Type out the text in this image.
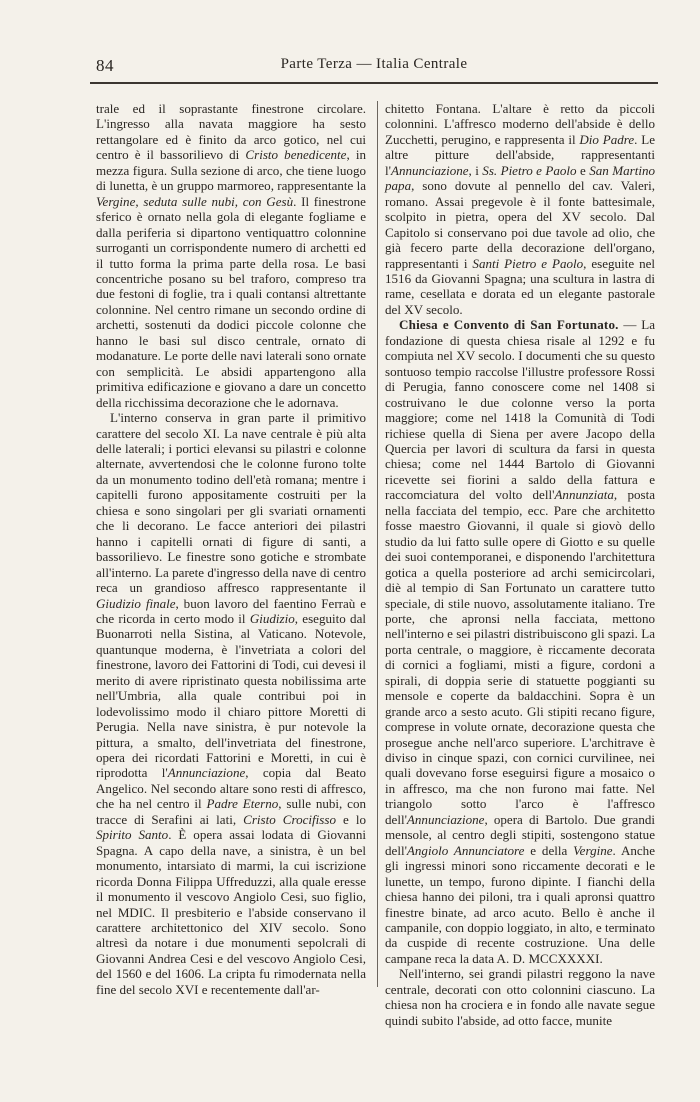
84	Parte Terza — Italia Centrale

trale ed il soprastante finestrone circolare. L'ingresso alla navata maggiore ha sesto rettangolare ed è finito da arco gotico, nel cui centro è il bassorilievo di Cristo benedicente, in mezza figura. Sulla sezione di arco, che tiene luogo di lunetta, è un gruppo marmoreo, rappresentante la Vergine, seduta sulle nubi, con Gesù. Il finestrone sferico è ornato nella gola di elegante fogliame e dalla periferia si dipartono ventiquattro colonnine surroganti un corrispondente numero di archetti ed il tutto forma la prima parte della rosa. Le basi concentriche posano su bel traforo, compreso tra due festoni di foglie, tra i quali contansi altrettante colonnine. Nel centro rimane un secondo ordine di archetti, sostenuti da dodici piccole colonne che hanno le basi sul disco centrale, ornato di modanature. Le porte delle navi laterali sono ornate con semplicità. Le absidi appartengono alla primitiva edificazione e giovano a dare un concetto della ricchissima decorazione che le adornava.

L'interno conserva in gran parte il primitivo carattere del secolo XI. La nave centrale è più alta delle laterali; i portici elevansi su pilastri e colonne alternate, avvertendosi che le colonne furono tolte da un monumento todino dell'età romana; mentre i capitelli furono appositamente costruiti per la chiesa e sono singolari per gli svariati ornamenti che li decorano. Le facce anteriori dei pilastri hanno i capitelli ornati di figure di santi, a bassorilievo. Le finestre sono gotiche e strombate all'interno. La parete d'ingresso della nave di centro reca un grandioso affresco rappresentante il Giudizio finale, buon lavoro del faentino Ferraù e che ricorda in certo modo il Giudizio, eseguito dal Buonarroti nella Sistina, al Vaticano. Notevole, quantunque moderna, è l'invetriata a colori del finestrone, lavoro dei Fattorini di Todi, cui devesi il merito di avere ripristinato questa nobilissima arte nell'Umbria, alla quale contribui poi in lodevolissimo modo il chiaro pittore Moretti di Perugia. Nella nave sinistra, è pur notevole la pittura, a smalto, dell'invetriata del finestrone, opera dei ricordati Fattorini e Moretti, in cui è riprodotta l'Annunciazione, copia dal Beato Angelico. Nel secondo altare sono resti di affresco, che ha nel centro il Padre Eterno, sulle nubi, con tracce di Serafini ai lati, Cristo Crocifisso e lo Spirito Santo. È opera assai lodata di Giovanni Spagna. A capo della nave, a sinistra, è un bel monumento, intarsiato di marmi, la cui iscrizione ricorda Donna Filippa Uffreduzzi, alla quale eresse il monumento il vescovo Angiolo Cesi, suo figlio, nel MDIC. Il presbiterio e l'abside conservano il carattere architettonico del XIV secolo. Sono altresì da notare i due monumenti sepolcrali di Giovanni Andrea Cesi e del vescovo Angiolo Cesi, del 1560 e del 1606. La cripta fu rimodernata nella fine del secolo XVI e recentemente dall'ar-

chitetto Fontana. L'altare è retto da piccoli colonnini. L'affresco moderno dell'abside è dello Zucchetti, perugino, e rappresenta il Dio Padre. Le altre pitture dell'abside, rappresentanti l'Annunciazione, i Ss. Pietro e Paolo e San Martino papa, sono dovute al pennello del cav. Valeri, romano. Assai pregevole è il fonte battesimale, scolpito in pietra, opera del XV secolo. Dal Capitolo si conservano poi due tavole ad olio, che già fecero parte della decorazione dell'organo, rappresentanti i Santi Pietro e Paolo, eseguite nel 1516 da Giovanni Spagna; una scultura in lastra di rame, cesellata e dorata ed un elegante pastorale del XV secolo.

Chiesa e Convento di San Fortunato. — La fondazione di questa chiesa risale al 1292 e fu compiuta nel XV secolo. I documenti che su questo sontuoso tempio raccolse l'illustre professore Rossi di Perugia, fanno conoscere come nel 1408 si costruivano le due colonne verso la porta maggiore; come nel 1418 la Comunità di Todi richiese quella di Siena per avere Jacopo della Quercia per lavori di scultura da farsi in questa chiesa; come nel 1444 Bartolo di Giovanni ricevette sei fiorini a saldo della fattura e raccomciatura del volto dell'Annunziata, posta nella facciata del tempio, ecc. Pare che architetto fosse maestro Giovanni, il quale si giovò dello studio da lui fatto sulle opere di Giotto e su quelle dei suoi contemporanei, e disponendo l'architettura gotica a quella posteriore ad archi semicircolari, diè al tempio di San Fortunato un carattere tutto speciale, di stile nuovo, assolutamente italiano. Tre porte, che apronsi nella facciata, mettono nell'interno e sei pilastri distribuiscono gli spazi. La porta centrale, o maggiore, è riccamente decorata di cornici a fogliami, misti a figure, cordoni a spirali, di doppia serie di statuette poggianti su mensole e coperte da baldacchini. Sopra è un grande arco a sesto acuto. Gli stipiti recano figure, comprese in volute ornate, decorazione questa che prosegue anche nell'arco superiore. L'architrave è diviso in cinque spazi, con cornici curvilinee, nei quali dovevano forse eseguirsi figure a mosaico o in affresco, ma che non furono mai fatte. Nel triangolo sotto l'arco è l'affresco dell'Annunciazione, opera di Bartolo. Due grandi mensole, al centro degli stipiti, sostengono statue dell'Angiolo Annunciatore e della Vergine. Anche gli ingressi minori sono riccamente decorati e le lunette, un tempo, furono dipinte. I fianchi della chiesa hanno dei piloni, tra i quali apronsi quattro finestre binate, ad arco acuto. Bello è anche il campanile, con doppio loggiato, in alto, e terminato da cuspide di recente costruzione. Una delle campane reca la data A. D. MCCXXXXI.

Nell'interno, sei grandi pilastri reggono la nave centrale, decorati con otto colonnini ciascuno. La chiesa non ha crociera e in fondo alle navate segue quindi subito l'abside, ad otto facce, munite
